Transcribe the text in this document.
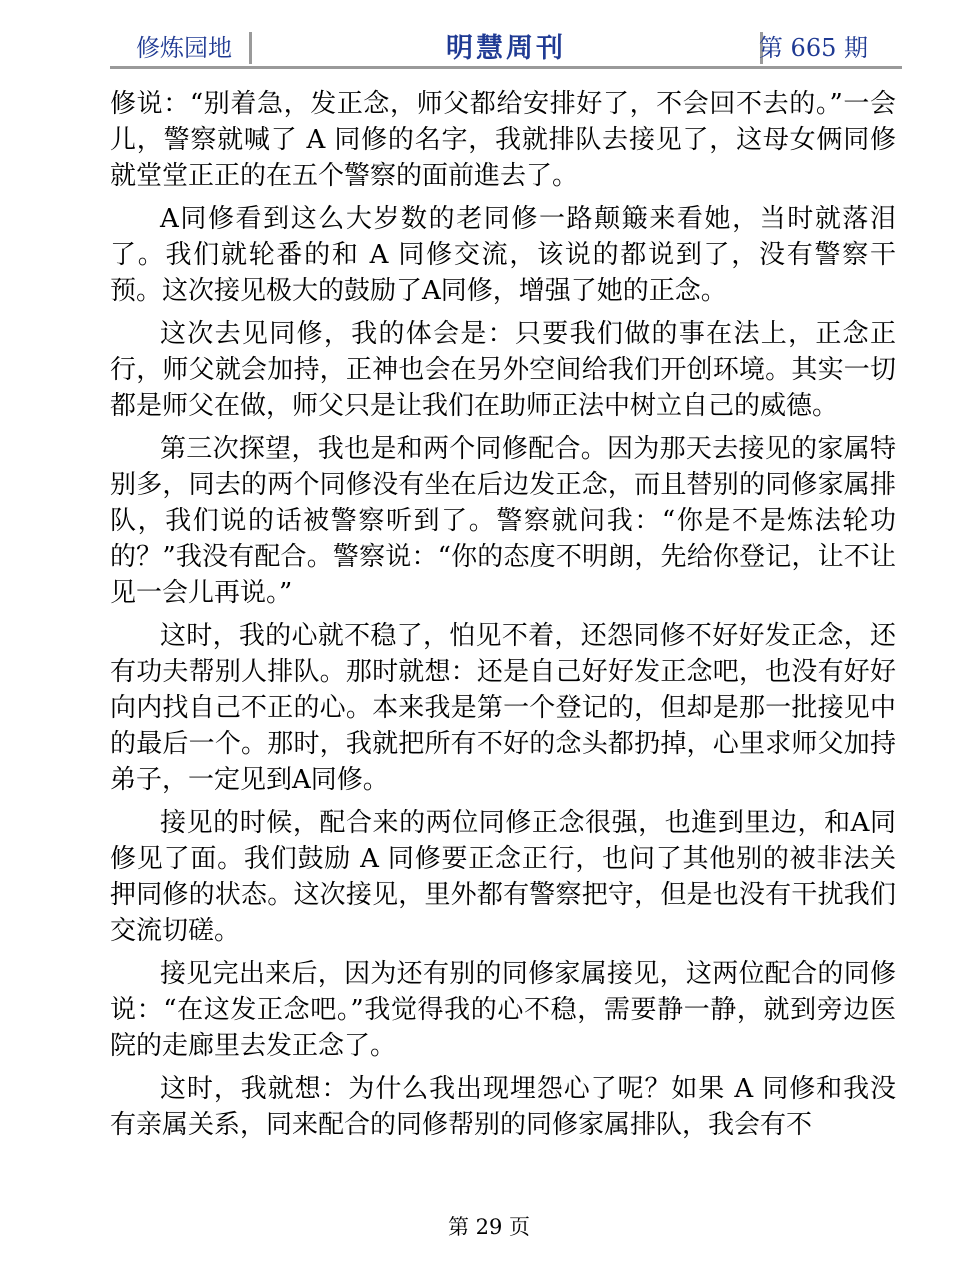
修炼园地	明慧周刊	第 665 期

修说：“别着急，发正念，师父都给安排好了，不会回不去的。”一会儿，警察就喊了 A 同修的名字，我就排队去接见了，这母女俩同修就堂堂正正的在五个警察的面前進去了。

A同修看到这么大岁数的老同修一路颠簸来看她，当时就落泪了。我们就轮番的和 A 同修交流，该说的都说到了，没有警察干预。这次接见极大的鼓励了A同修，增强了她的正念。

这次去见同修，我的体会是：只要我们做的事在法上，正念正行，师父就会加持，正神也会在另外空间给我们开创环境。其实一切都是师父在做，师父只是让我们在助师正法中树立自己的威德。

第三次探望，我也是和两个同修配合。因为那天去接见的家属特别多，同去的两个同修没有坐在后边发正念，而且替别的同修家属排队，我们说的话被警察听到了。警察就问我：“你是不是炼法轮功的？”我没有配合。警察说：“你的态度不明朗，先给你登记，让不让见一会儿再说。”

这时，我的心就不稳了，怕见不着，还怨同修不好好发正念，还有功夫帮别人排队。那时就想：还是自己好好发正念吧，也没有好好向内找自己不正的心。本来我是第一个登记的，但却是那一批接见中的最后一个。那时，我就把所有不好的念头都扔掉，心里求师父加持弟子，一定见到A同修。

接见的时候，配合来的两位同修正念很强，也進到里边，和A同修见了面。我们鼓励 A 同修要正念正行，也问了其他别的被非法关押同修的状态。这次接见，里外都有警察把守，但是也没有干扰我们交流切磋。

接见完出来后，因为还有别的同修家属接见，这两位配合的同修说：“在这发正念吧。”我觉得我的心不稳，需要静一静，就到旁边医院的走廊里去发正念了。

这时，我就想：为什么我出现埋怨心了呢？如果 A 同修和我没有亲属关系，同来配合的同修帮别的同修家属排队，我会有不

第 29 页
